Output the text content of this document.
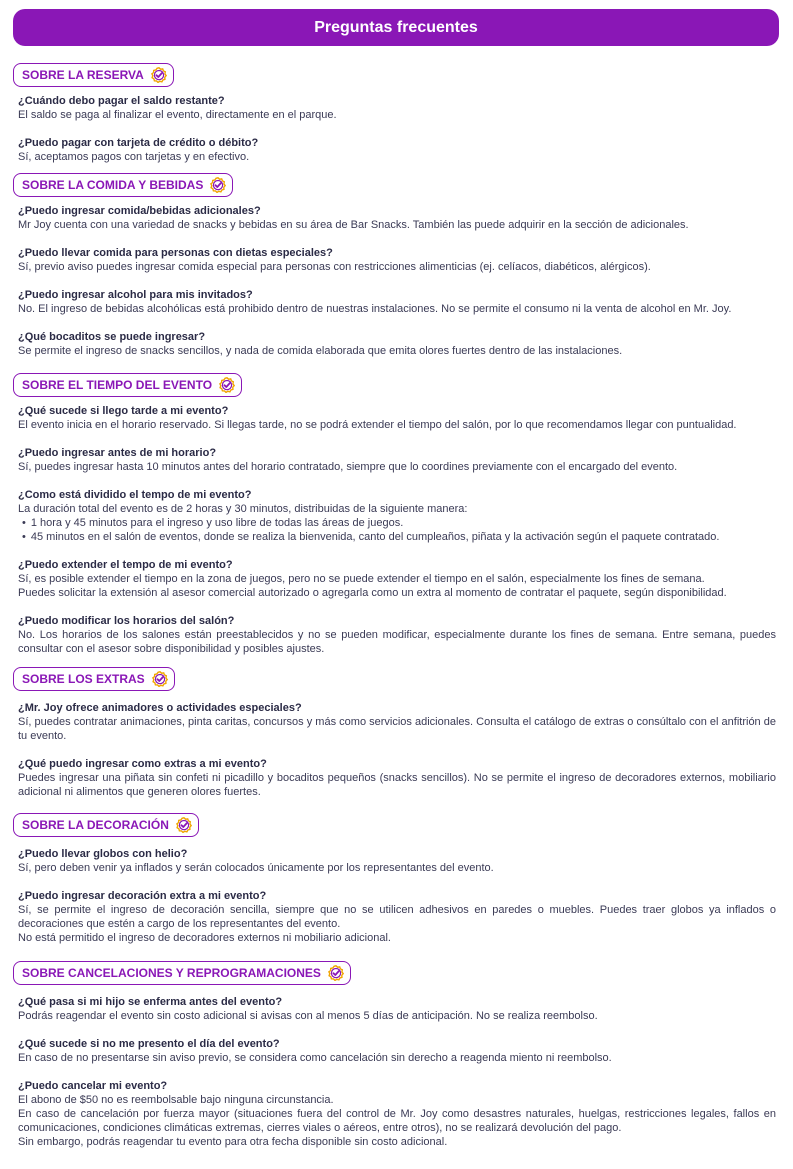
Preguntas frecuentes
SOBRE LA RESERVA
¿Cuándo debo pagar el saldo restante?
El saldo se paga al finalizar el evento, directamente en el parque.
¿Puedo pagar con tarjeta de crédito o débito?
Sí, aceptamos pagos con tarjetas y en efectivo.
SOBRE LA COMIDA Y BEBIDAS
¿Puedo ingresar comida/bebidas adicionales?
Mr Joy cuenta con una variedad de snacks y bebidas en su área de Bar Snacks. También las puede adquirir en la sección de adicionales.
¿Puedo llevar comida para personas con dietas especiales?
Sí, previo aviso puedes ingresar comida especial para personas con restricciones alimenticias (ej. celíacos, diabéticos, alérgicos).
¿Puedo ingresar alcohol para mis invitados?
No. El ingreso de bebidas alcohólicas está prohibido dentro de nuestras instalaciones. No se permite el consumo ni la venta de alcohol en Mr. Joy.
¿Qué bocaditos se puede ingresar?
Se permite el ingreso de snacks sencillos, y nada de comida elaborada que emita olores fuertes dentro de las instalaciones.
SOBRE EL TIEMPO DEL EVENTO
¿Qué sucede si llego tarde a mi evento?
El evento inicia en el horario reservado. Si llegas tarde, no se podrá extender el tiempo del salón, por lo que recomendamos llegar con puntualidad.
¿Puedo ingresar antes de mi horario?
Sí, puedes ingresar hasta 10 minutos antes del horario contratado, siempre que lo coordines previamente con el encargado del evento.
¿Como está dividido el tempo de mi evento?
La duración total del evento es de 2 horas y 30 minutos, distribuidas de la siguiente manera:
• 1 hora y 45 minutos para el ingreso y uso libre de todas las áreas de juegos.
• 45 minutos en el salón de eventos, donde se realiza la bienvenida, canto del cumpleaños, piñata y la activación según el paquete contratado.
¿Puedo extender el tempo de mi evento?
Sí, es posible extender el tiempo en la zona de juegos, pero no se puede extender el tiempo en el salón, especialmente los fines de semana.
Puedes solicitar la extensión al asesor comercial autorizado o agregarla como un extra al momento de contratar el paquete, según disponibilidad.
¿Puedo modificar los horarios del salón?
No. Los horarios de los salones están preestablecidos y no se pueden modificar, especialmente durante los fines de semana. Entre semana, puedes consultar con el asesor sobre disponibilidad y posibles ajustes.
SOBRE LOS EXTRAS
¿Mr. Joy ofrece animadores o actividades especiales?
Sí, puedes contratar animaciones, pinta caritas, concursos y más como servicios adicionales. Consulta el catálogo de extras o consúltalo con el anfitrión de tu evento.
¿Qué puedo ingresar como extras a mi evento?
Puedes ingresar una piñata sin confeti ni picadillo y bocaditos pequeños (snacks sencillos). No se permite el ingreso de decoradores externos, mobiliario adicional ni alimentos que generen olores fuertes.
SOBRE LA DECORACIÓN
¿Puedo llevar globos con helio?
Sí, pero deben venir ya inflados y serán colocados únicamente por los representantes del evento.
¿Puedo ingresar decoración extra a mi evento?
Sí, se permite el ingreso de decoración sencilla, siempre que no se utilicen adhesivos en paredes o muebles. Puedes traer globos ya inflados o decoraciones que estén a cargo de los representantes del evento.
No está permitido el ingreso de decoradores externos ni mobiliario adicional.
SOBRE CANCELACIONES Y REPROGRAMACIONES
¿Qué pasa si mi hijo se enferma antes del evento?
Podrás reagendar el evento sin costo adicional si avisas con al menos 5 días de anticipación. No se realiza reembolso.
¿Qué sucede si no me presento el día del evento?
En caso de no presentarse sin aviso previo, se considera como cancelación sin derecho a reagenda miento ni reembolso.
¿Puedo cancelar mi evento?
El abono de $50 no es reembolsable bajo ninguna circunstancia.
En caso de cancelación por fuerza mayor (situaciones fuera del control de Mr. Joy como desastres naturales, huelgas, restricciones legales, fallos en comunicaciones, condiciones climáticas extremas, cierres viales o aéreos, entre otros), no se realizará devolución del pago.
Sin embargo, podrás reagendar tu evento para otra fecha disponible sin costo adicional.
